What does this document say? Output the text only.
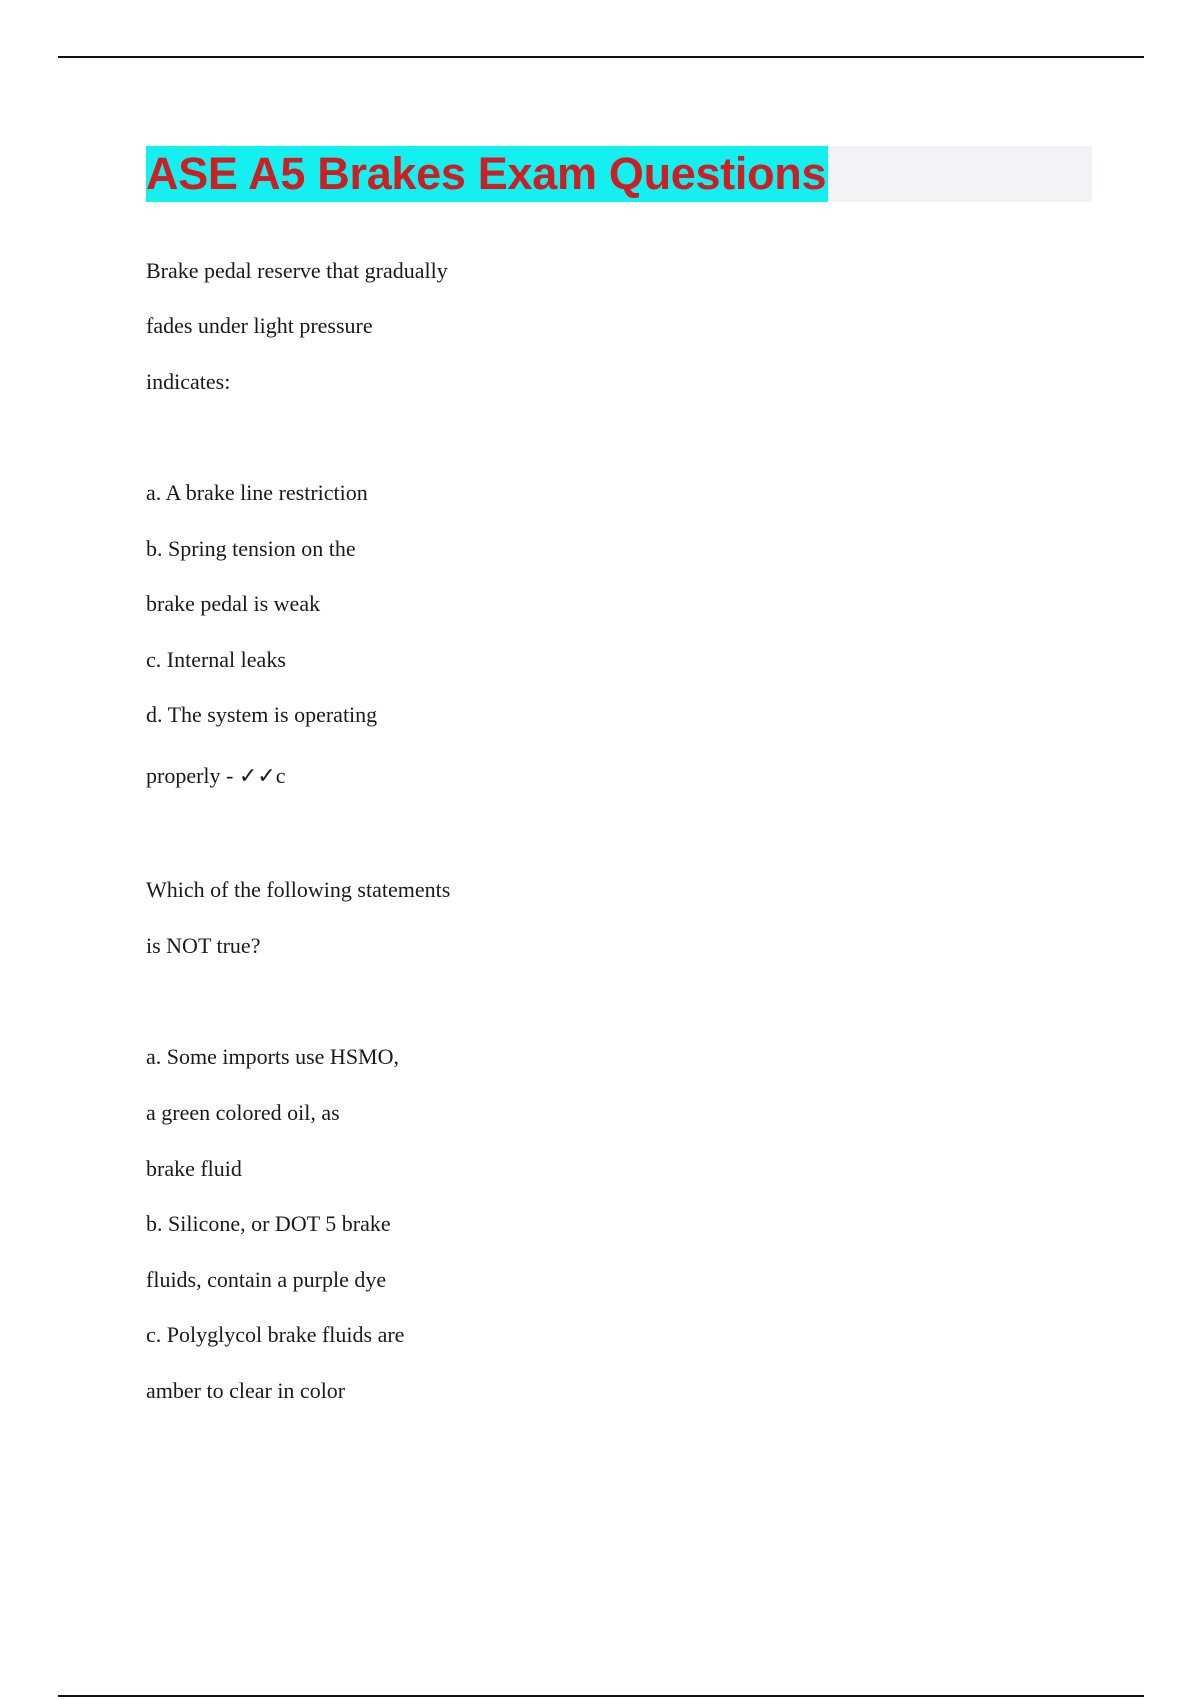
ASE A5 Brakes Exam Questions

Brake pedal reserve that gradually

fades under light pressure

indicates:

a. A brake line restriction

b. Spring tension on the

brake pedal is weak

c. Internal leaks

d. The system is operating

properly - ✓✓c

Which of the following statements

is NOT true?

a. Some imports use HSMO,

a green colored oil, as

brake fluid

b. Silicone, or DOT 5 brake

fluids, contain a purple dye

c. Polyglycol brake fluids are

amber to clear in color
